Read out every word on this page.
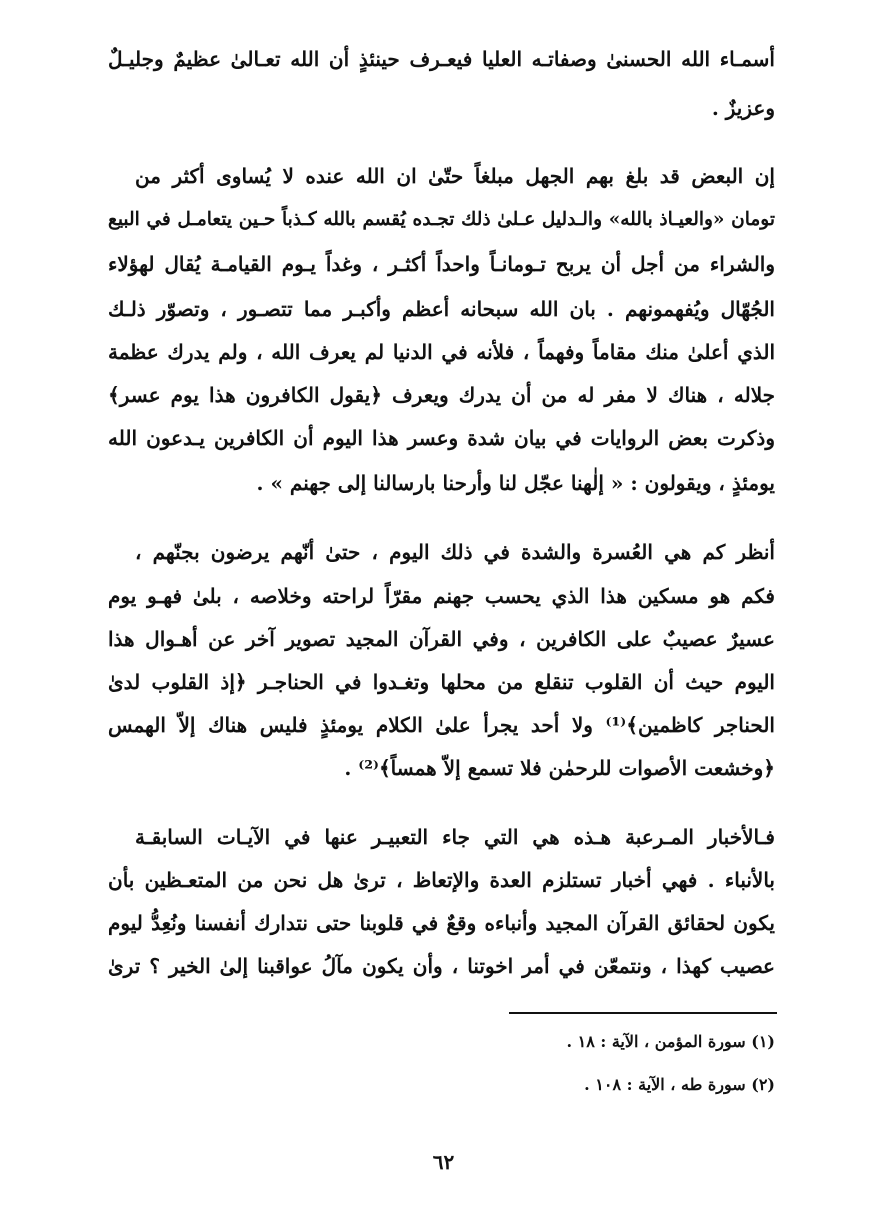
أسمـاء الله الحسنىٰ وصفاتـه العليا فيعـرف حينئذٍ أن الله تعـالىٰ عظيمٌ وجليـلٌ
وعزيزٌ .
إن البعض قد بلغ بهم الجهل مبلغاً حتّىٰ ان الله عنده لا يُساوى أكثر من
تومان «والعيـاذ بالله» والـدليل عـلىٰ ذلك تجـده يُقسم بالله كـذباً حـين يتعامـل في البيع
والشراء من أجل أن يربح تـومانـاً واحداً أكثـر ، وغداً يـوم القيامـة يُقال لهؤلاء
الجُهّال ويُفهمونهم . بان الله سبحانه أعظم وأكبـر مما تتصـور ، وتصوّر ذلـك
الذي أعلىٰ منك مقاماً وفهماً ، فلأنه في الدنيا لم يعرف الله ، ولم يدرك عظمة
جلاله ، هناك لا مفر له من أن يدرك ويعرف ﴿يقول الكافرون هذا يوم عسر﴾
وذكرت بعض الروايات في بيان شدة وعسر هذا اليوم أن الكافرين يـدعون الله
يومئذٍ ، ويقولون : « إلٰهنا عجّل لنا وأرحنا بارسالنا إلى جهنم » .
أنظر كم هي العُسرة والشدة في ذلك اليوم ، حتىٰ أنّهم يرضون بجنّهم ،
فكم هو مسكين هذا الذي يحسب جهنم مقرّاً لراحته وخلاصه ، بلىٰ فهـو يوم
عسيرٌ عصيبٌ على الكافرين ، وفي القرآن المجيد تصوير آخر عن أهـوال هذا
اليوم حيث أن القلوب تنقلع من محلها وتغـدوا في الحناجـر ﴿إذ القلوب لدىٰ
الحناجر كاظمين﴾⁽¹⁾ ولا أحد يجرأ علىٰ الكلام يومئذٍ فليس هناك إلاّ الهمس
﴿وخشعت الأصوات للرحمٰن فلا تسمع إلاّ همساً﴾⁽²⁾ .
فـالأخبار المـرعبة هـذه هي التي جاء التعبيـر عنها في الآيـات السابقـة
بالأنباء . فهي أخبار تستلزم العدة والإتعاظ ، ترىٰ هل نحن من المتعـظين بأن
يكون لحقائق القرآن المجيد وأنباءه وقعٌ في قلوبنا حتى نتدارك أنفسنا ونُعِدُّ ليوم
عصيب كهذا ، ونتمعّن في أمر اخوتنا ، وأن يكون مآلُ عواقبنا إلىٰ الخير ؟ ترىٰ
(١) سورة المؤمن ، الآية : ١٨ .
(٢) سورة طه ، الآية : ١٠٨ .
٦٢
